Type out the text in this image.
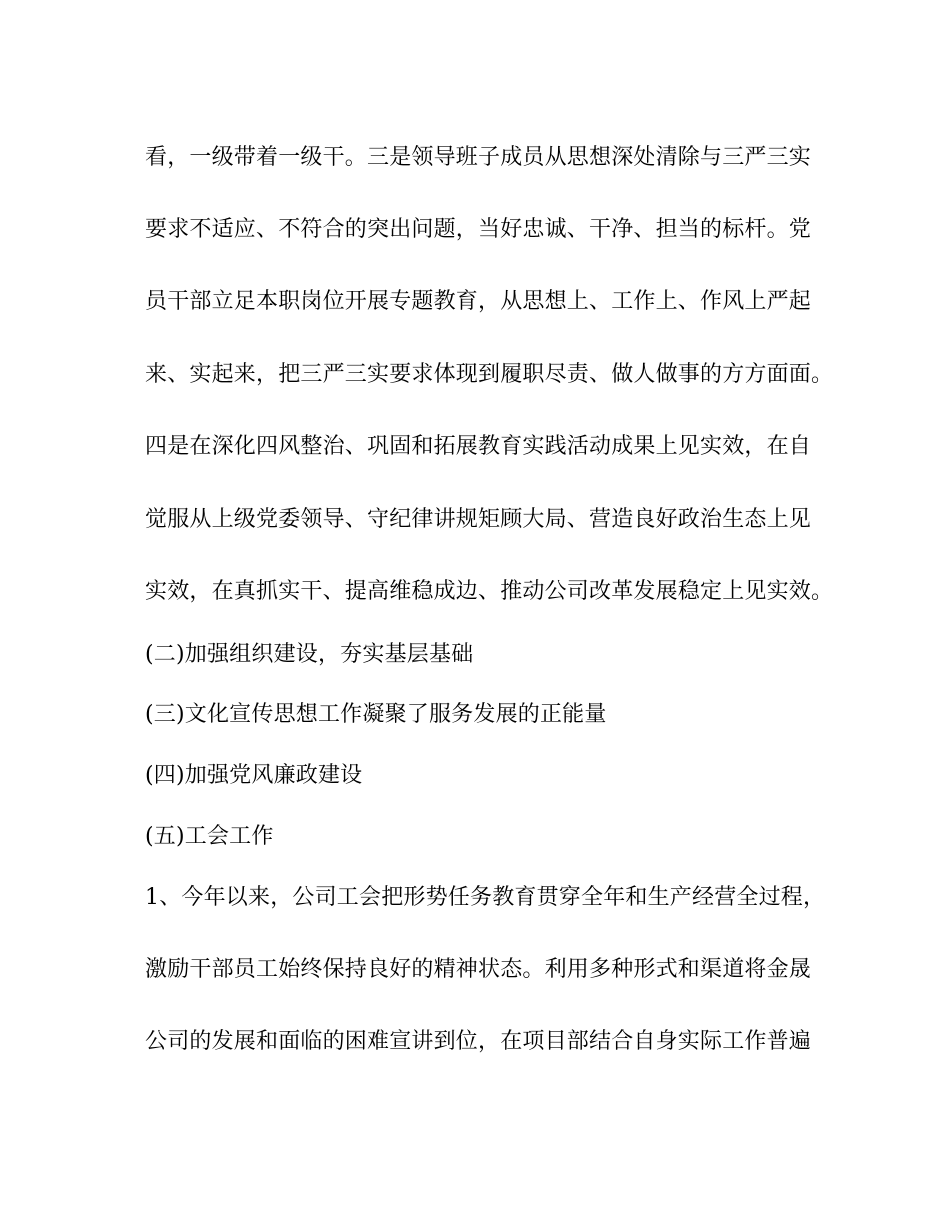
看，一级带着一级干。三是领导班子成员从思想深处清除与三严三实
要求不适应、不符合的突出问题，当好忠诚、干净、担当的标杆。党
员干部立足本职岗位开展专题教育，从思想上、工作上、作风上严起
来、实起来，把三严三实要求体现到履职尽责、做人做事的方方面面。
四是在深化四风整治、巩固和拓展教育实践活动成果上见实效，在自
觉服从上级党委领导、守纪律讲规矩顾大局、营造良好政治生态上见
实效，在真抓实干、提高维稳成边、推动公司改革发展稳定上见实效。
(二)加强组织建设，夯实基层基础
(三)文化宣传思想工作凝聚了服务发展的正能量
(四)加强党风廉政建设
(五)工会工作
1、今年以来，公司工会把形势任务教育贯穿全年和生产经营全过程，
激励干部员工始终保持良好的精神状态。利用多种形式和渠道将金晟
公司的发展和面临的困难宣讲到位，在项目部结合自身实际工作普遍
